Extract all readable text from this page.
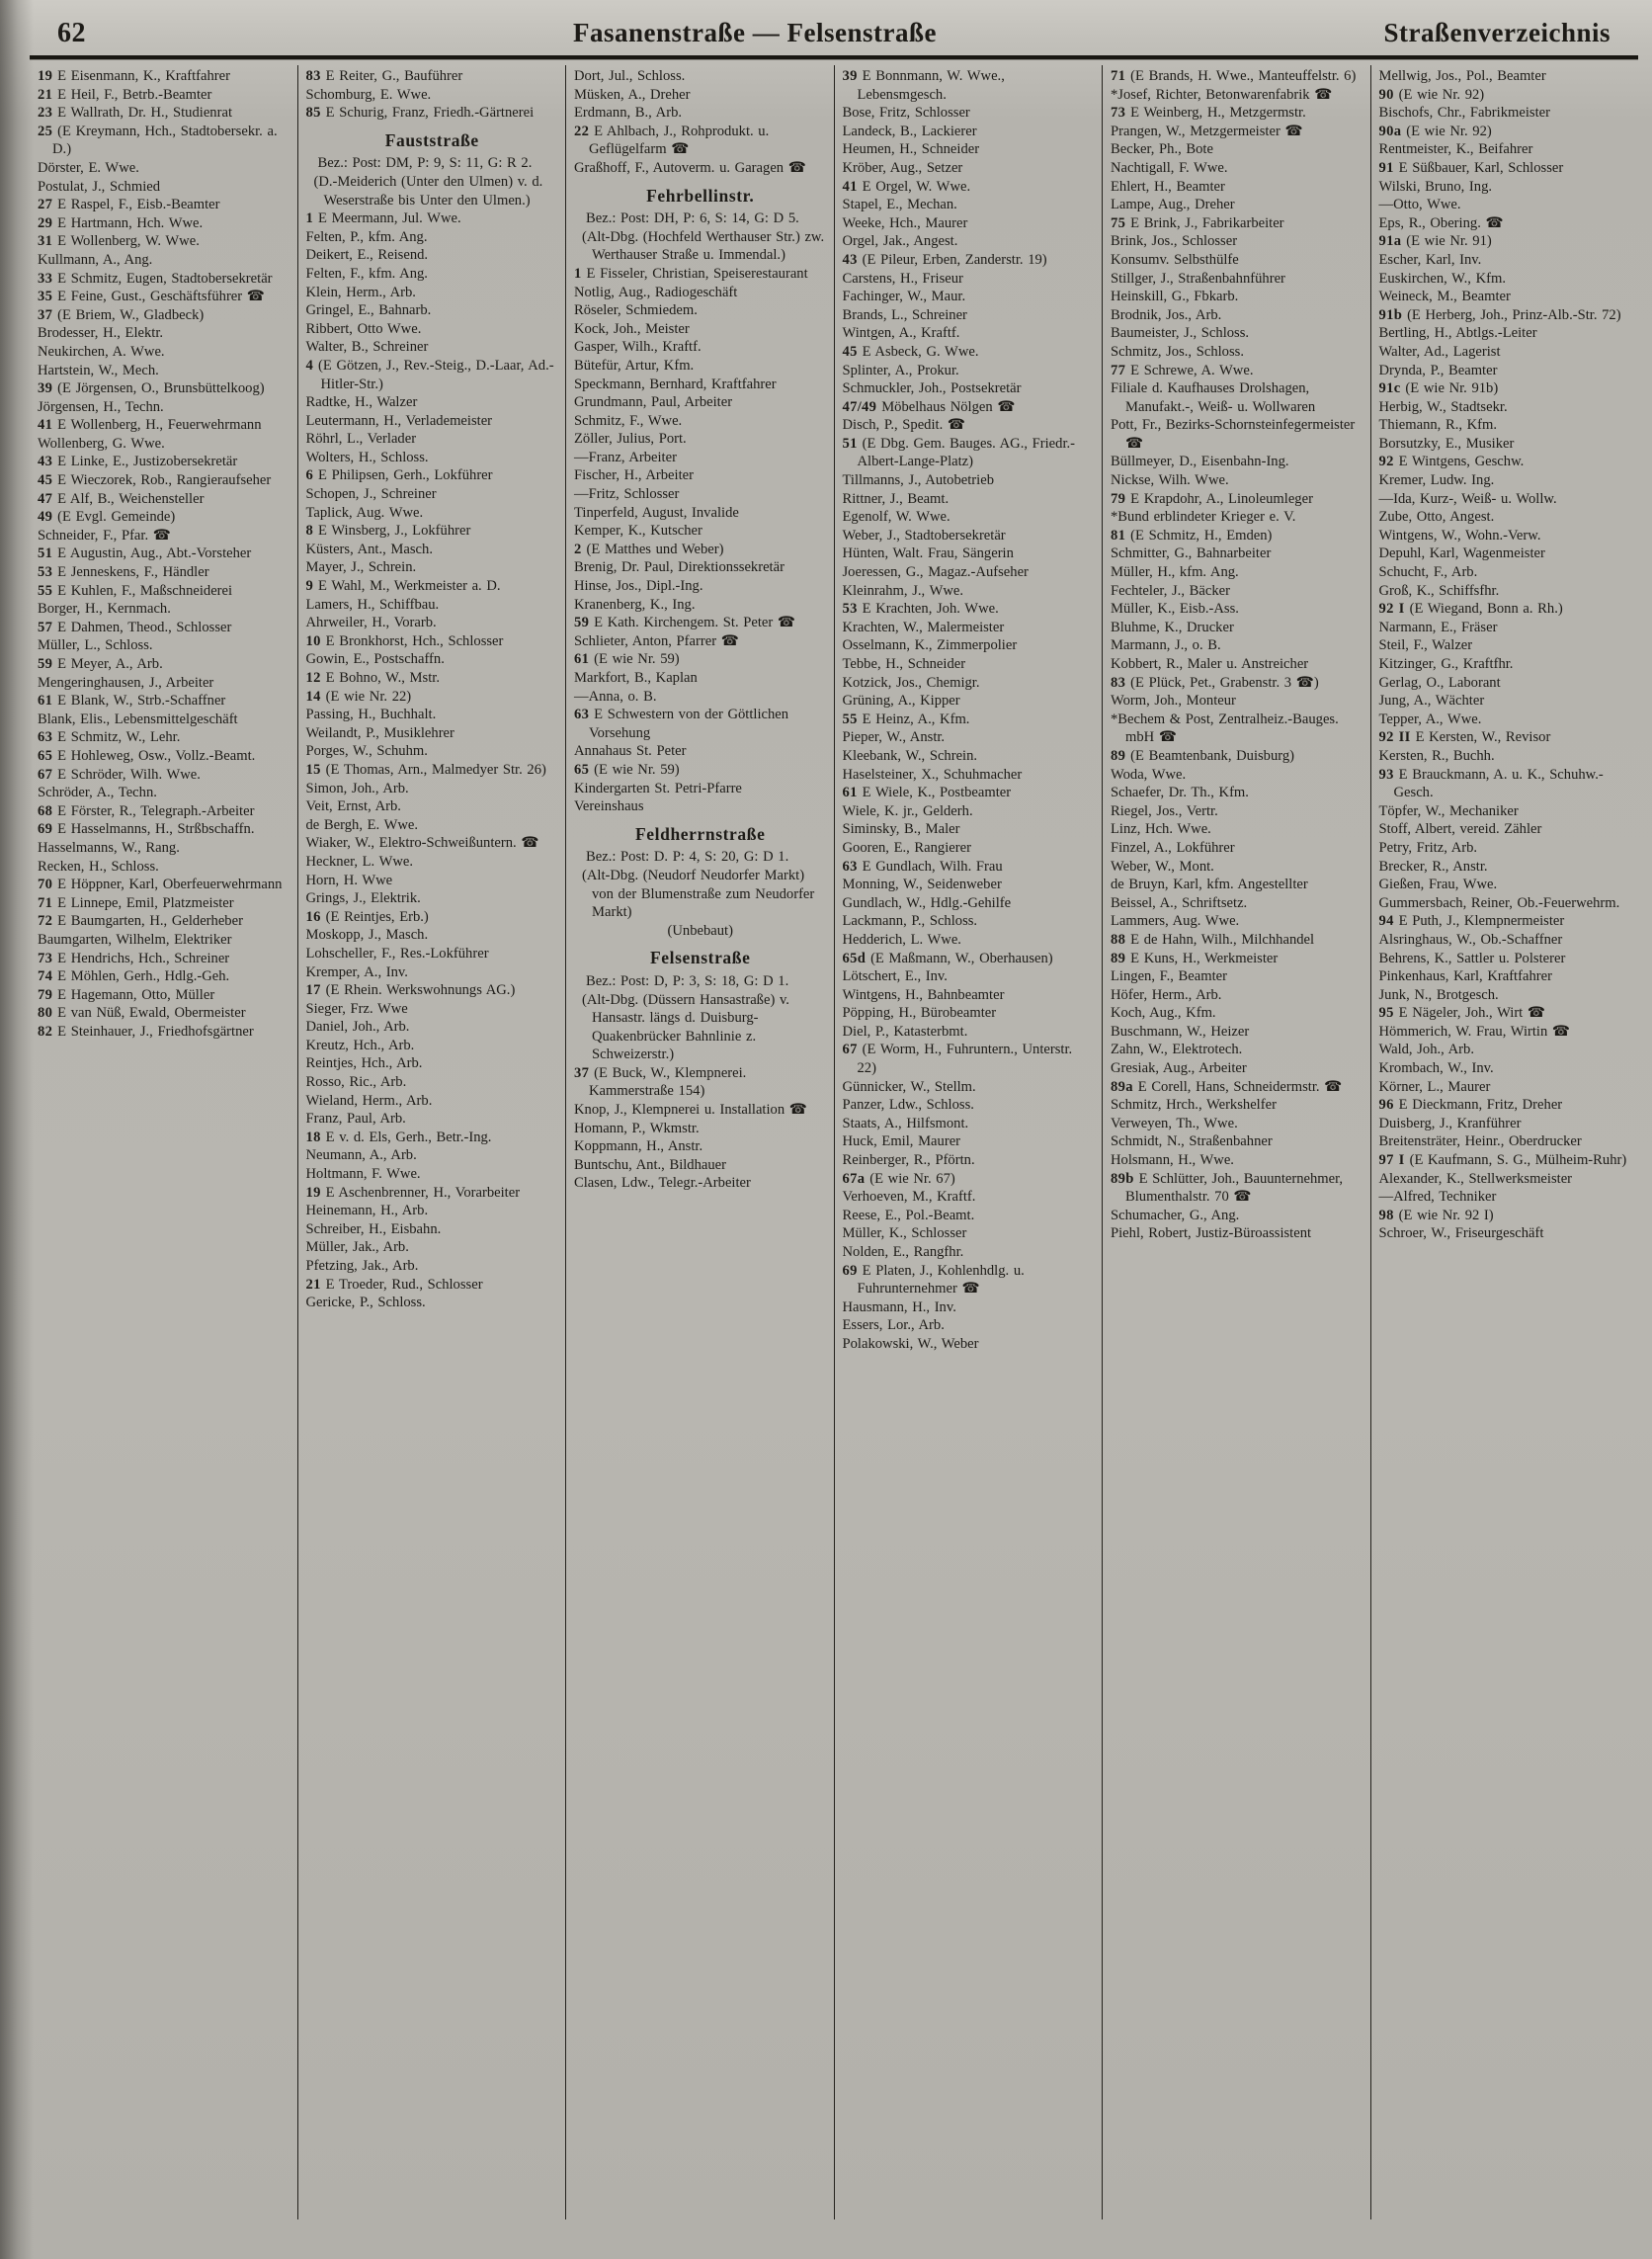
62	Fasanenstraße — Felsenstraße	Straßenverzeichnis

19 E Eisenmann, K., Kraftfahrer

21 E Heil, F., Betrb.-Beamter

23 E Wallrath, Dr. H., Studienrat

25 (E Kreymann, Hch., Stadtobersekr. a. D.)

Dörster, E. Wwe.

Postulat, J., Schmied

27 E Raspel, F., Eisb.-Beamter

29 E Hartmann, Hch. Wwe.

31 E Wollenberg, W. Wwe.

Kullmann, A., Ang.

33 E Schmitz, Eugen, Stadtobersekretär

35 E Feine, Gust., Geschäftsführer ☎

37 (E Briem, W., Gladbeck)

Brodesser, H., Elektr.

Neukirchen, A. Wwe.

Hartstein, W., Mech.

39 (E Jörgensen, O., Brunsbüttelkoog)

Jörgensen, H., Techn.

41 E Wollenberg, H., Feuerwehrmann

Wollenberg, G. Wwe.

43 E Linke, E., Justizobersekretär

45 E Wieczorek, Rob., Rangieraufseher

47 E Alf, B., Weichensteller

49 (E Evgl. Gemeinde)

Schneider, F., Pfar. ☎

51 E Augustin, Aug., Abt.-Vorsteher

53 E Jenneskens, F., Händler

55 E Kuhlen, F., Maßschneiderei

Borger, H., Kernmach.

57 E Dahmen, Theod., Schlosser

Müller, L., Schloss.

59 E Meyer, A., Arb.

Mengeringhausen, J., Arbeiter

61 E Blank, W., Strb.-Schaffner

Blank, Elis., Lebensmittelgeschäft

63 E Schmitz, W., Lehr.

65 E Hohleweg, Osw., Vollz.-Beamt.

67 E Schröder, Wilh. Wwe.

Schröder, A., Techn.

68 E Förster, R., Telegraph.-Arbeiter

69 E Hasselmanns, H., Strßbschaffn.

Hasselmanns, W., Rang.

Recken, H., Schloss.

70 E Höppner, Karl, Oberfeuerwehrmann

71 E Linnepe, Emil, Platzmeister

72 E Baumgarten, H., Gelderheber

Baumgarten, Wilhelm, Elektriker

73 E Hendrichs, Hch., Schreiner

74 E Möhlen, Gerh., Hdlg.-Geh.

79 E Hagemann, Otto, Müller

80 E van Nüß, Ewald, Obermeister

82 E Steinhauer, J., Friedhofsgärtner

83 E Reiter, G., Bauführer

Schomburg, E. Wwe.

85 E Schurig, Franz, Friedh.-Gärtnerei

Fauststraße

Bez.: Post: DM, P: 9, S: 11, G: R 2.

(D.-Meiderich (Unter den Ulmen) v. d. Weserstraße bis Unter den Ulmen.)

1 E Meermann, Jul. Wwe.

Felten, P., kfm. Ang.

Deikert, E., Reisend.

Felten, F., kfm. Ang.

Klein, Herm., Arb.

Gringel, E., Bahnarb.

Ribbert, Otto Wwe.

Walter, B., Schreiner

4 (E Götzen, J., Rev.-Steig., D.-Laar, Ad.-Hitler-Str.)

Radtke, H., Walzer

Leutermann, H., Verlademeister

Röhrl, L., Verlader

Wolters, H., Schloss.

6 E Philipsen, Gerh., Lokführer

Schopen, J., Schreiner

Taplick, Aug. Wwe.

8 E Winsberg, J., Lokführer

Küsters, Ant., Masch.

Mayer, J., Schrein.

9 E Wahl, M., Werkmeister a. D.

Lamers, H., Schiffbau.

Ahrweiler, H., Vorarb.

10 E Bronkhorst, Hch., Schlosser

Gowin, E., Postschaffn.

12 E Bohno, W., Mstr.

14 (E wie Nr. 22)

Passing, H., Buchhalt.

Weilandt, P., Musiklehrer

Porges, W., Schuhm.

15 (E Thomas, Arn., Malmedyer Str. 26)

Simon, Joh., Arb.

Veit, Ernst, Arb.

de Bergh, E. Wwe.

Wiaker, W., Elektro-Schweißuntern. ☎

Heckner, L. Wwe.

Horn, H. Wwe

Grings, J., Elektrik.

16 (E Reintjes, Erb.)

Moskopp, J., Masch.

Lohscheller, F., Res.-Lokführer

Kremper, A., Inv.

17 (E Rhein. Werkswohnungs AG.)

Sieger, Frz. Wwe

Daniel, Joh., Arb.

Kreutz, Hch., Arb.

Reintjes, Hch., Arb.

Rosso, Ric., Arb.

Wieland, Herm., Arb.

Franz, Paul, Arb.

18 E v. d. Els, Gerh., Betr.-Ing.

Neumann, A., Arb.

Holtmann, F. Wwe.

19 E Aschenbrenner, H., Vorarbeiter

Heinemann, H., Arb.

Schreiber, H., Eisbahn.

Müller, Jak., Arb.

Pfetzing, Jak., Arb.

21 E Troeder, Rud., Schlosser

Gericke, P., Schloss.

Dort, Jul., Schloss.

Müsken, A., Dreher

Erdmann, B., Arb.

22 E Ahlbach, J., Rohprodukt. u. Geflügelfarm ☎

Graßhoff, F., Autoverm. u. Garagen ☎

Fehrbellinstr.

Bez.: Post: DH, P: 6, S: 14, G: D 5.

(Alt-Dbg. (Hochfeld Werthauser Str.) zw. Werthauser Straße u. Immendal.)

1 E Fisseler, Christian, Speiserestaurant

Notlig, Aug., Radiogeschäft

Röseler, Schmiedem.

Kock, Joh., Meister

Gasper, Wilh., Kraftf.

Bütefür, Artur, Kfm.

Speckmann, Bernhard, Kraftfahrer

Grundmann, Paul, Arbeiter

Schmitz, F., Wwe.

Zöller, Julius, Port.

—Franz, Arbeiter

Fischer, H., Arbeiter

—Fritz, Schlosser

Tinperfeld, August, Invalide

Kemper, K., Kutscher

2 (E Matthes und Weber)

Brenig, Dr. Paul, Direktionssekretär

Hinse, Jos., Dipl.-Ing.

Kranenberg, K., Ing.

59 E Kath. Kirchengem. St. Peter ☎

Schlieter, Anton, Pfarrer ☎

61 (E wie Nr. 59)

Markfort, B., Kaplan

—Anna, o. B.

63 E Schwestern von der Göttlichen Vorsehung

Annahaus St. Peter

65 (E wie Nr. 59)

Kindergarten St. Petri-Pfarre

Vereinshaus

Feldherrnstraße

Bez.: Post: D. P: 4, S: 20, G: D 1.

(Alt-Dbg. (Neudorf Neudorfer Markt) von der Blumenstraße zum Neudorfer Markt)

(Unbebaut)

Felsenstraße

Bez.: Post: D, P: 3, S: 18, G: D 1.

(Alt-Dbg. (Düssern Hansastraße) v. Hansastr. längs d. Duisburg-Quakenbrücker Bahnlinie z. Schweizerstr.)

37 (E Buck, W., Klempnerei. Kammerstraße 154)

Knop, J., Klempnerei u. Installation ☎

Homann, P., Wkmstr.

Koppmann, H., Anstr.

Buntschu, Ant., Bildhauer

Clasen, Ldw., Telegr.-Arbeiter

39 E Bonnmann, W. Wwe., Lebensmgesch.

Bose, Fritz, Schlosser

Landeck, B., Lackierer

Heumen, H., Schneider

Kröber, Aug., Setzer

41 E Orgel, W. Wwe.

Stapel, E., Mechan.

Weeke, Hch., Maurer

Orgel, Jak., Angest.

43 (E Pileur, Erben, Zanderstr. 19)

Carstens, H., Friseur

Fachinger, W., Maur.

Brands, L., Schreiner

Wintgen, A., Kraftf.

45 E Asbeck, G. Wwe.

Splinter, A., Prokur.

Schmuckler, Joh., Postsekretär

47/49 Möbelhaus Nölgen ☎

Disch, P., Spedit. ☎

51 (E Dbg. Gem. Bauges. AG., Friedr.-Albert-Lange-Platz)

Tillmanns, J., Autobetrieb

Rittner, J., Beamt.

Egenolf, W. Wwe.

Weber, J., Stadtobersekretär

Hünten, Walt. Frau, Sängerin

Joeressen, G., Magaz.-Aufseher

Kleinrahm, J., Wwe.

53 E Krachten, Joh. Wwe.

Krachten, W., Malermeister

Osselmann, K., Zimmerpolier

Tebbe, H., Schneider

Kotzick, Jos., Chemigr.

Grüning, A., Kipper

55 E Heinz, A., Kfm.

Pieper, W., Anstr.

Kleebank, W., Schrein.

Haselsteiner, X., Schuhmacher

61 E Wiele, K., Postbeamter

Wiele, K. jr., Gelderh.

Siminsky, B., Maler

Gooren, E., Rangierer

63 E Gundlach, Wilh. Frau

Monning, W., Seidenweber

Gundlach, W., Hdlg.-Gehilfe

Lackmann, P., Schloss.

Hedderich, L. Wwe.

65d (E Maßmann, W., Oberhausen)

Lötschert, E., Inv.

Wintgens, H., Bahnbeamter

Pöpping, H., Bürobeamter

Diel, P., Katasterbmt.

67 (E Worm, H., Fuhruntern., Unterstr. 22)

Günnicker, W., Stellm.

Panzer, Ldw., Schloss.

Staats, A., Hilfsmont.

Huck, Emil, Maurer

Reinberger, R., Pförtn.

67a (E wie Nr. 67)

Verhoeven, M., Kraftf.

Reese, E., Pol.-Beamt.

Müller, K., Schlosser

Nolden, E., Rangfhr.

69 E Platen, J., Kohlenhdlg. u. Fuhrunternehmer ☎

Hausmann, H., Inv.

Essers, Lor., Arb.

Polakowski, W., Weber

71 (E Brands, H. Wwe., Manteuffelstr. 6)

*Josef, Richter, Betonwarenfabrik ☎

73 E Weinberg, H., Metzgermstr.

Prangen, W., Metzgermeister ☎

Becker, Ph., Bote

Nachtigall, F. Wwe.

Ehlert, H., Beamter

Lampe, Aug., Dreher

75 E Brink, J., Fabrikarbeiter

Brink, Jos., Schlosser

Konsumv. Selbsthülfe

Stillger, J., Straßenbahnführer

Heinskill, G., Fbkarb.

Brodnik, Jos., Arb.

Baumeister, J., Schloss.

Schmitz, Jos., Schloss.

77 E Schrewe, A. Wwe.

Filiale d. Kaufhauses Drolshagen, Manufakt.-, Weiß- u. Wollwaren

Pott, Fr., Bezirks-Schornsteinfegermeister ☎

Büllmeyer, D., Eisenbahn-Ing.

Nickse, Wilh. Wwe.

79 E Krapdohr, A., Linoleumleger

*Bund erblindeter Krieger e. V.

81 (E Schmitz, H., Emden)

Schmitter, G., Bahnarbeiter

Müller, H., kfm. Ang.

Fechteler, J., Bäcker

Müller, K., Eisb.-Ass.

Bluhme, K., Drucker

Marmann, J., o. B.

Kobbert, R., Maler u. Anstreicher

83 (E Plück, Pet., Grabenstr. 3 ☎)

Worm, Joh., Monteur

*Bechem & Post, Zentralheiz.-Bauges. mbH ☎

89 (E Beamtenbank, Duisburg)

Woda, Wwe.

Schaefer, Dr. Th., Kfm.

Riegel, Jos., Vertr.

Linz, Hch. Wwe.

Finzel, A., Lokführer

Weber, W., Mont.

de Bruyn, Karl, kfm. Angestellter

Beissel, A., Schriftsetz.

Lammers, Aug. Wwe.

88 E de Hahn, Wilh., Milchhandel

89 E Kuns, H., Werkmeister

Lingen, F., Beamter

Höfer, Herm., Arb.

Koch, Aug., Kfm.

Buschmann, W., Heizer

Zahn, W., Elektrotech.

Gresiak, Aug., Arbeiter

89a E Corell, Hans, Schneidermstr. ☎

Schmitz, Hrch., Werkshelfer

Verweyen, Th., Wwe.

Schmidt, N., Straßenbahner

Holsmann, H., Wwe.

89b E Schlütter, Joh., Bauunternehmer, Blumenthalstr. 70 ☎

Schumacher, G., Ang.

Piehl, Robert, Justiz-Büroassistent

Mellwig, Jos., Pol., Beamter

90 (E wie Nr. 92)

Bischofs, Chr., Fabrikmeister

90a (E wie Nr. 92)

Rentmeister, K., Beifahrer

91 E Süßbauer, Karl, Schlosser

Wilski, Bruno, Ing.

—Otto, Wwe.

Eps, R., Obering. ☎

91a (E wie Nr. 91)

Escher, Karl, Inv.

Euskirchen, W., Kfm.

Weineck, M., Beamter

91b (E Herberg, Joh., Prinz-Alb.-Str. 72)

Bertling, H., Abtlgs.-Leiter

Walter, Ad., Lagerist

Drynda, P., Beamter

91c (E wie Nr. 91b)

Herbig, W., Stadtsekr.

Thiemann, R., Kfm.

Borsutzky, E., Musiker

92 E Wintgens, Geschw.

Kremer, Ludw. Ing.

—Ida, Kurz-, Weiß- u. Wollw.

Zube, Otto, Angest.

Wintgens, W., Wohn.-Verw.

Depuhl, Karl, Wagenmeister

Schucht, F., Arb.

Groß, K., Schiffsfhr.

92 I (E Wiegand, Bonn a. Rh.)

Narmann, E., Fräser

Steil, F., Walzer

Kitzinger, G., Kraftfhr.

Gerlag, O., Laborant

Jung, A., Wächter

Tepper, A., Wwe.

92 II E Kersten, W., Revisor

Kersten, R., Buchh.

93 E Brauckmann, A. u. K., Schuhw.-Gesch.

Töpfer, W., Mechaniker

Stoff, Albert, vereid. Zähler

Petry, Fritz, Arb.

Brecker, R., Anstr.

Gießen, Frau, Wwe.

Gummersbach, Reiner, Ob.-Feuerwehrm.

94 E Puth, J., Klempnermeister

Alsringhaus, W., Ob.-Schaffner

Behrens, K., Sattler u. Polsterer

Pinkenhaus, Karl, Kraftfahrer

Junk, N., Brotgesch.

95 E Nägeler, Joh., Wirt ☎

Hömmerich, W. Frau, Wirtin ☎

Wald, Joh., Arb.

Krombach, W., Inv.

Körner, L., Maurer

96 E Dieckmann, Fritz, Dreher

Duisberg, J., Kranführer

Breitensträter, Heinr., Oberdrucker

97 I (E Kaufmann, S. G., Mülheim-Ruhr)

Alexander, K., Stellwerksmeister

—Alfred, Techniker

98 (E wie Nr. 92 I)

Schroer, W., Friseurgeschäft
